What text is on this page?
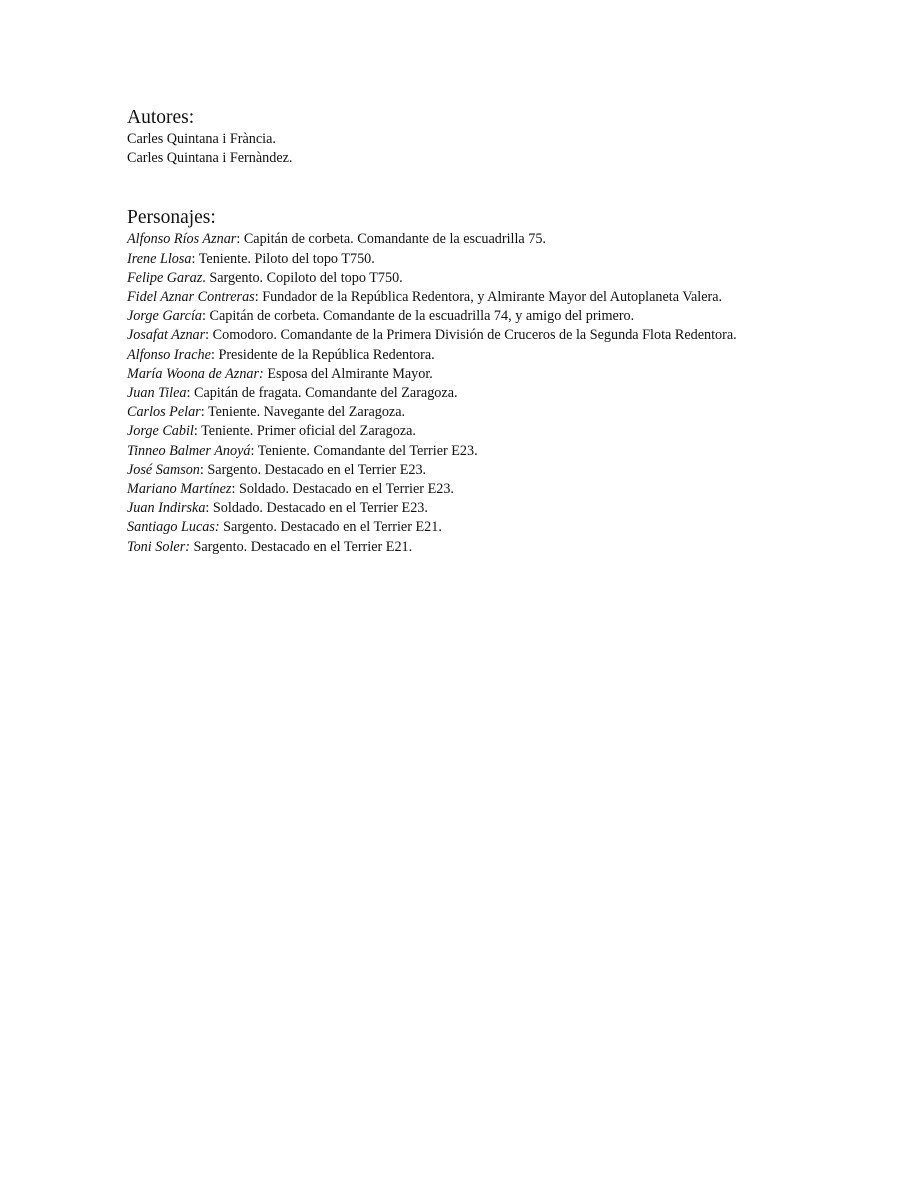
Autores:

Carles Quintana i Frància.

Carles Quintana i Fernàndez.

Personajes:

Alfonso Ríos Aznar: Capitán de corbeta. Comandante de la escuadrilla 75.

Irene Llosa: Teniente. Piloto del topo T750.

Felipe Garaz. Sargento. Copiloto del topo T750.

Fidel Aznar Contreras: Fundador de la República Redentora, y Almirante Mayor del Autoplaneta Valera.

Jorge García: Capitán de corbeta. Comandante de la escuadrilla 74, y amigo del primero.

Josafat Aznar: Comodoro. Comandante de la Primera División de Cruceros de la Segunda Flota Redentora.

Alfonso Irache: Presidente de la República Redentora.

María Woona de Aznar: Esposa del Almirante Mayor.

Juan Tilea: Capitán de fragata. Comandante del Zaragoza.

Carlos Pelar: Teniente. Navegante del Zaragoza.

Jorge Cabil: Teniente. Primer oficial del Zaragoza.

Tinneo Balmer Anoyá: Teniente. Comandante del Terrier E23.

José Samson: Sargento. Destacado en el Terrier E23.

Mariano Martínez: Soldado. Destacado en el Terrier E23.

Juan Indirska: Soldado. Destacado en el Terrier E23.

Santiago Lucas: Sargento. Destacado en el Terrier E21.

Toni Soler: Sargento. Destacado en el Terrier E21.
